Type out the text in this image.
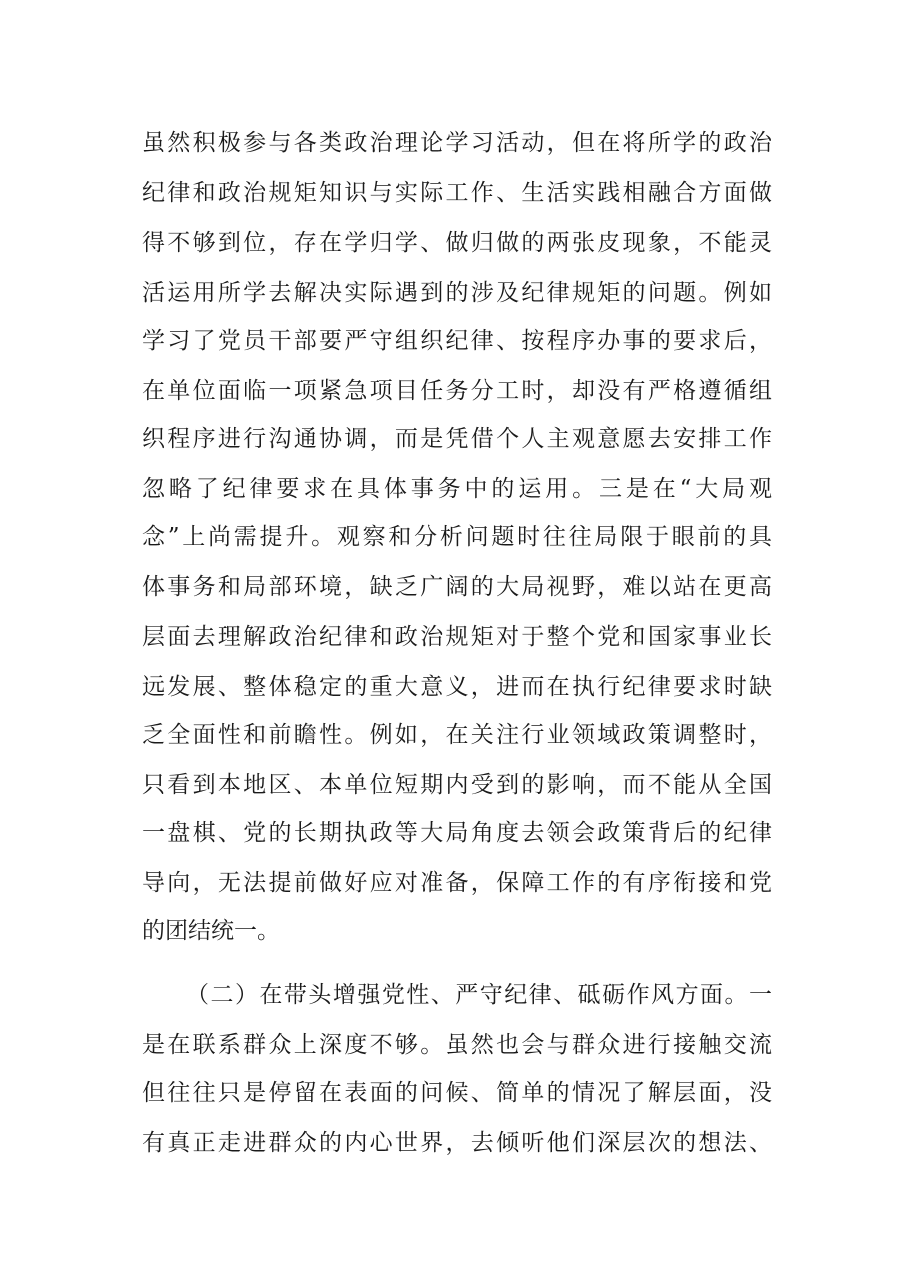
虽然积极参与各类政治理论学习活动，但在将所学的政治
纪律和政治规矩知识与实际工作、生活实践相融合方面做
得不够到位，存在学归学、做归做的两张皮现象，不能灵
活运用所学去解决实际遇到的涉及纪律规矩的问题。例如
学习了党员干部要严守组织纪律、按程序办事的要求后，
在单位面临一项紧急项目任务分工时，却没有严格遵循组
织程序进行沟通协调，而是凭借个人主观意愿去安排工作
忽略了纪律要求在具体事务中的运用。三是在“大局观
念”上尚需提升。观察和分析问题时往往局限于眼前的具
体事务和局部环境，缺乏广阔的大局视野，难以站在更高
层面去理解政治纪律和政治规矩对于整个党和国家事业长
远发展、整体稳定的重大意义，进而在执行纪律要求时缺
乏全面性和前瞻性。例如，在关注行业领域政策调整时，
只看到本地区、本单位短期内受到的影响，而不能从全国
一盘棋、党的长期执政等大局角度去领会政策背后的纪律
导向，无法提前做好应对准备，保障工作的有序衔接和党
的团结统一。
（二）在带头增强党性、严守纪律、砥砺作风方面。一
是在联系群众上深度不够。虽然也会与群众进行接触交流
但往往只是停留在表面的问候、简单的情况了解层面，没
有真正走进群众的内心世界，去倾听他们深层次的想法、
